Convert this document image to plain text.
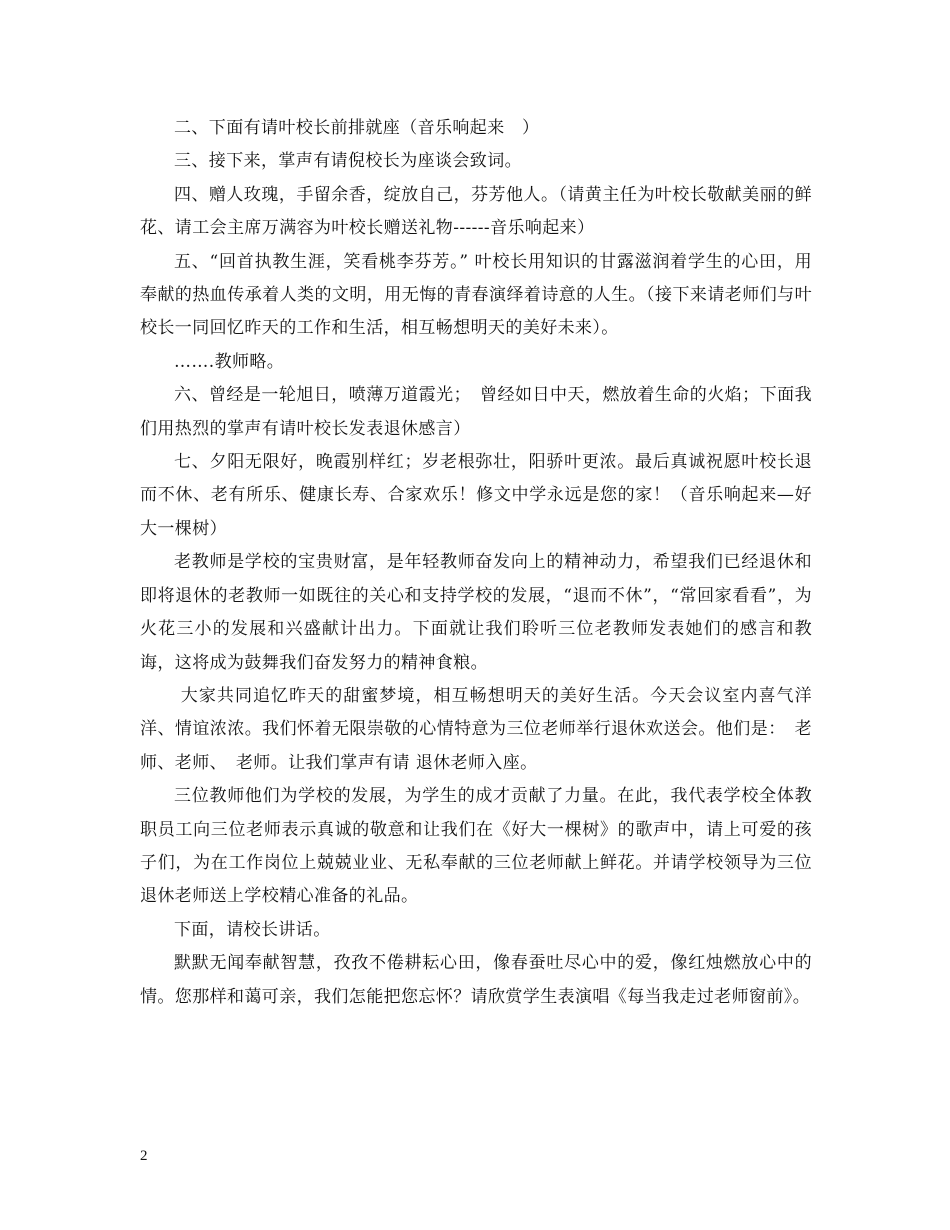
二、下面有请叶校长前排就座（音乐响起来　）

三、接下来，掌声有请倪校长为座谈会致词。

四、赠人玫瑰，手留余香，绽放自己，芬芳他人。（请黄主任为叶校长敬献美丽的鲜花、请工会主席万满容为叶校长赠送礼物------音乐响起来）

五、“回首执教生涯，笑看桃李芬芳。” 叶校长用知识的甘露滋润着学生的心田，用奉献的热血传承着人类的文明，用无悔的青春演绎着诗意的人生。（接下来请老师们与叶校长一同回忆昨天的工作和生活，相互畅想明天的美好未来）。

…….教师略。

六、曾经是一轮旭日，喷薄万道霞光；　曾经如日中天，燃放着生命的火焰；下面我们用热烈的掌声有请叶校长发表退休感言）

七、夕阳无限好，晚霞别样红；岁老根弥壮，阳骄叶更浓。最后真诚祝愿叶校长退而不休、老有所乐、健康长寿、合家欢乐！修文中学永远是您的家！（音乐响起来—好大一棵树）

老教师是学校的宝贵财富，是年轻教师奋发向上的精神动力，希望我们已经退休和即将退休的老教师一如既往的关心和支持学校的发展，“退而不休”，“常回家看看”，为火花三小的发展和兴盛献计出力。下面就让我们聆听三位老教师发表她们的感言和教诲，这将成为鼓舞我们奋发努力的精神食粮。

大家共同追忆昨天的甜蜜梦境，相互畅想明天的美好生活。今天会议室内喜气洋洋、情谊浓浓。我们怀着无限崇敬的心情特意为三位老师举行退休欢送会。他们是：　老师、老师、　老师。让我们掌声有请 退休老师入座。

三位教师他们为学校的发展，为学生的成才贡献了力量。在此，我代表学校全体教职员工向三位老师表示真诚的敬意和让我们在《好大一棵树》的歌声中，请上可爱的孩子们，为在工作岗位上兢兢业业、无私奉献的三位老师献上鲜花。并请学校领导为三位退休老师送上学校精心准备的礼品。

下面，请校长讲话。

默默无闻奉献智慧，孜孜不倦耕耘心田，像春蚕吐尽心中的爱，像红烛燃放心中的情。您那样和蔼可亲，我们怎能把您忘怀？请欣赏学生表演唱《每当我走过老师窗前》。

2
